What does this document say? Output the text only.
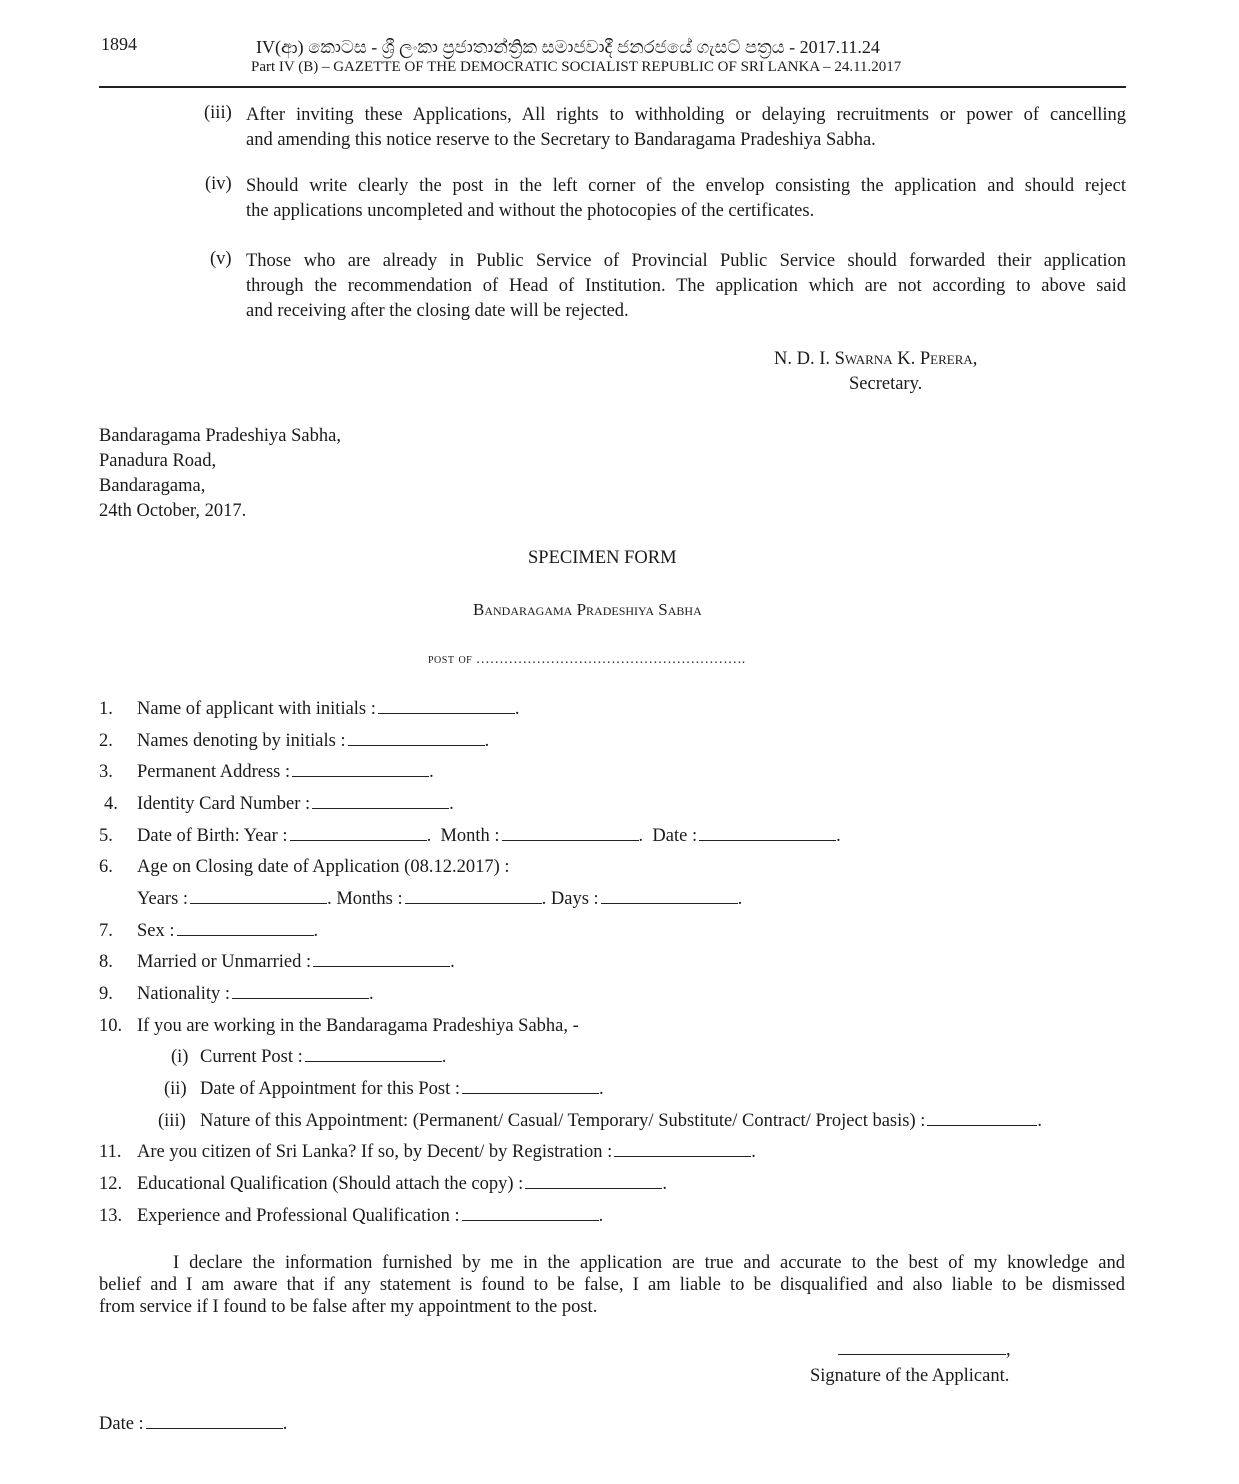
1894	IV(ආ) කොටස - ශ්‍රී ලංකා ප්‍රජාතාන්ත්‍රික සමාජවාදී ජනරජයේ ගැසට් පත්‍රය - 2017.11.24
Part IV (B) – GAZETTE OF THE DEMOCRATIC SOCIALIST REPUBLIC OF SRI LANKA – 24.11.2017
(iii) After inviting these Applications, All rights to withholding or delaying recruitments or power of cancelling
and amending this notice reserve to the Secretary to Bandaragama Pradeshiya Sabha.
(iv) Should write clearly the post in the left corner of the envelop consisting the application and should reject
the applications uncompleted and without the photocopies of the certificates.
(v) Those who are already in Public Service of Provincial Public Service should forwarded their application
through the recommendation of Head of Institution. The application which are not according to above said
and receiving after the closing date will be rejected.
N. D. I. Swarna K. Perera,
Secretary.
Bandaragama Pradeshiya Sabha,
Panadura Road,
Bandaragama,
24th October, 2017.
SPECIMEN FORM
Bandaragama Pradeshiya Sabha
post of ………………………………………………….
1. Name of applicant with initials :	.
2. Names denoting by initials :	.
3. Permanent Address :	.
4. Identity Card Number :	.
5. Date of Birth: Year :	.  Month :	.  Date :	.
6. Age on Closing date of Application (08.12.2017) :
Years :	. Months :	. Days :	.
7. Sex :	.
8. Married or Unmarried :	.
9. Nationality :	.
10. If you are working in the Bandaragama Pradeshiya Sabha, -
(i) Current Post :	.
(ii) Date of Appointment for this Post :	.
(iii) Nature of this Appointment: (Permanent/ Casual/ Temporary/ Substitute/ Contract/ Project basis) :	.
11. Are you citizen of Sri Lanka? If so, by Decent/ by Registration :	.
12. Educational Qualification (Should attach the copy) :	.
13. Experience and Professional Qualification :	.
I declare the information furnished by me in the application are true and accurate to the best of my knowledge and
belief and I am aware that if any statement is found to be false, I am liable to be disqualified and also liable to be dismissed
from service if I found to be false after my appointment to the post.
,
Signature of the Applicant.
Date :	.
